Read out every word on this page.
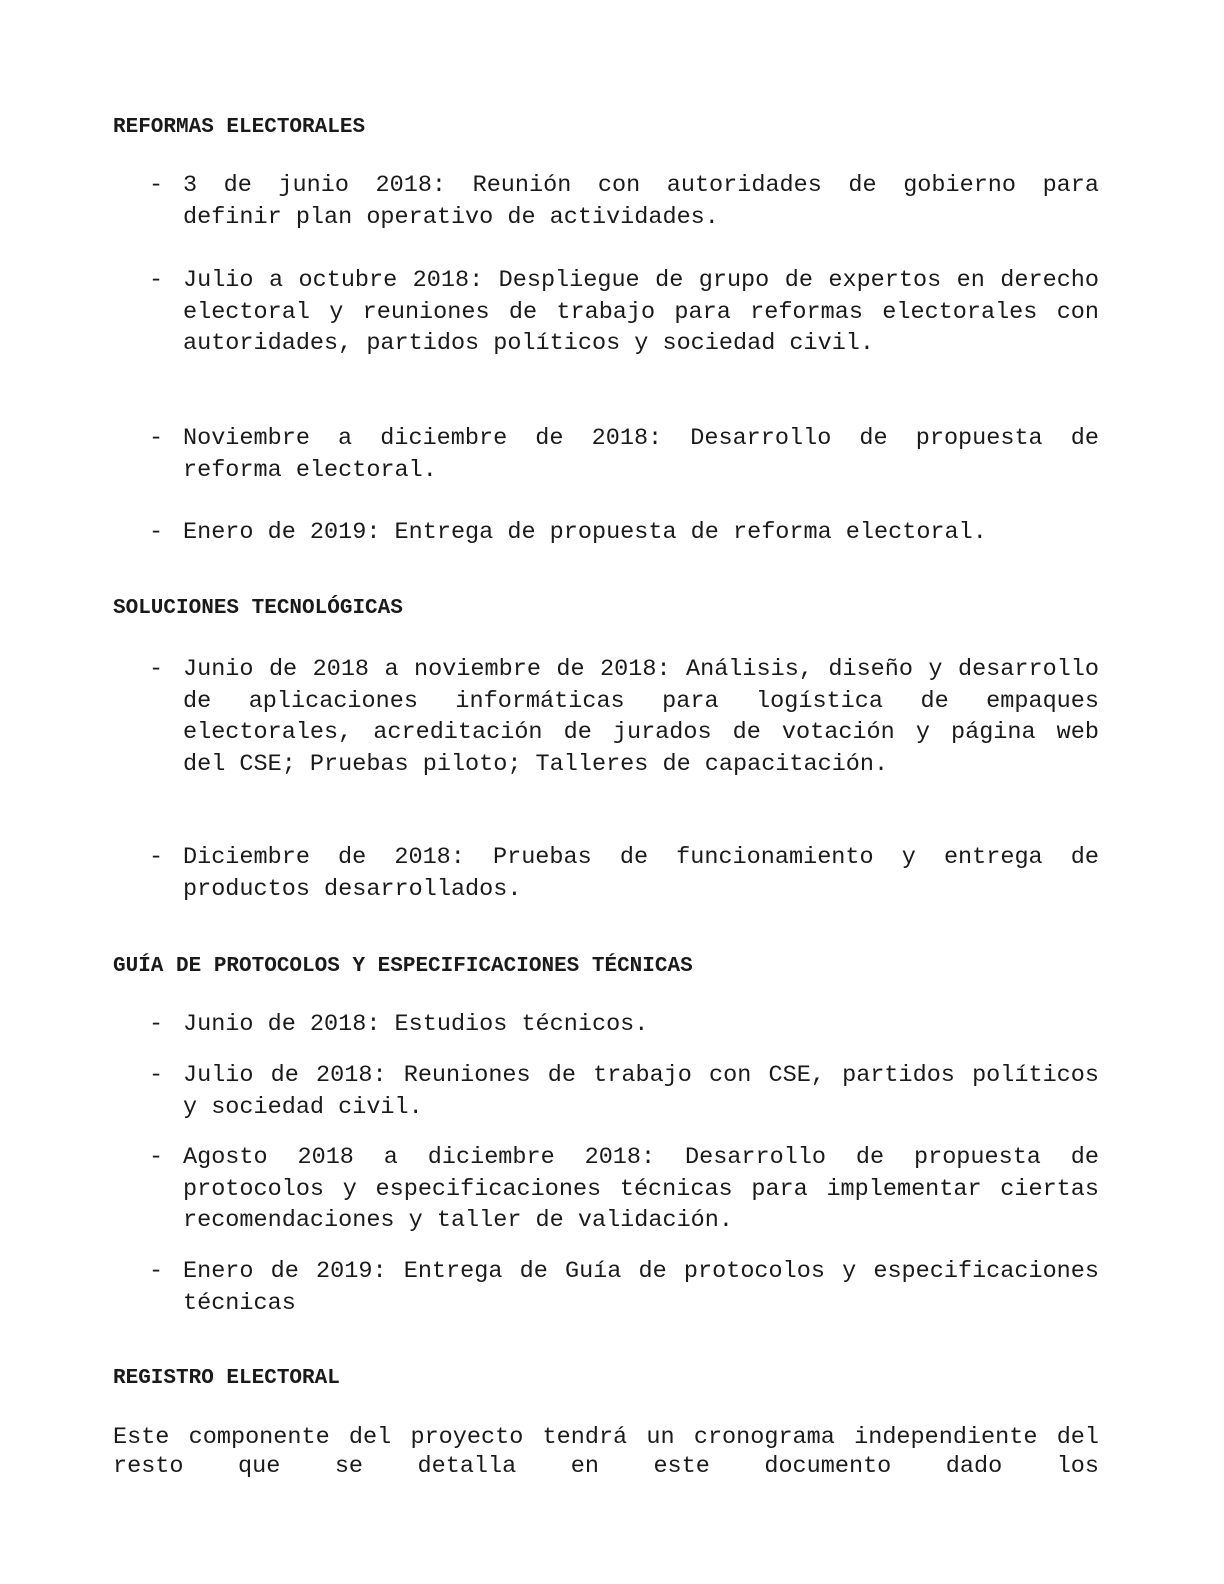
REFORMAS ELECTORALES
- 3 de junio 2018: Reunión con autoridades de gobierno para definir plan operativo de actividades.
- Julio a octubre 2018: Despliegue de grupo de expertos en derecho electoral y reuniones de trabajo para reformas electorales con autoridades, partidos políticos y sociedad civil.
- Noviembre a diciembre de 2018: Desarrollo de propuesta de reforma electoral.
- Enero de 2019: Entrega de propuesta de reforma electoral.
SOLUCIONES TECNOLÓGICAS
- Junio de 2018 a noviembre de 2018: Análisis, diseño y desarrollo de aplicaciones informáticas para logística de empaques electorales, acreditación de jurados de votación y página web del CSE; Pruebas piloto; Talleres de capacitación.
- Diciembre de 2018: Pruebas de funcionamiento y entrega de productos desarrollados.
GUÍA DE PROTOCOLOS Y ESPECIFICACIONES TÉCNICAS
- Junio de 2018: Estudios técnicos.
- Julio de 2018: Reuniones de trabajo con CSE, partidos políticos y sociedad civil.
- Agosto 2018 a diciembre 2018: Desarrollo de propuesta de protocolos y especificaciones técnicas para implementar ciertas recomendaciones y taller de validación.
- Enero de 2019: Entrega de Guía de protocolos y especificaciones técnicas
REGISTRO ELECTORAL
Este componente del proyecto tendrá un cronograma independiente del resto que se detalla en este documento dado los
